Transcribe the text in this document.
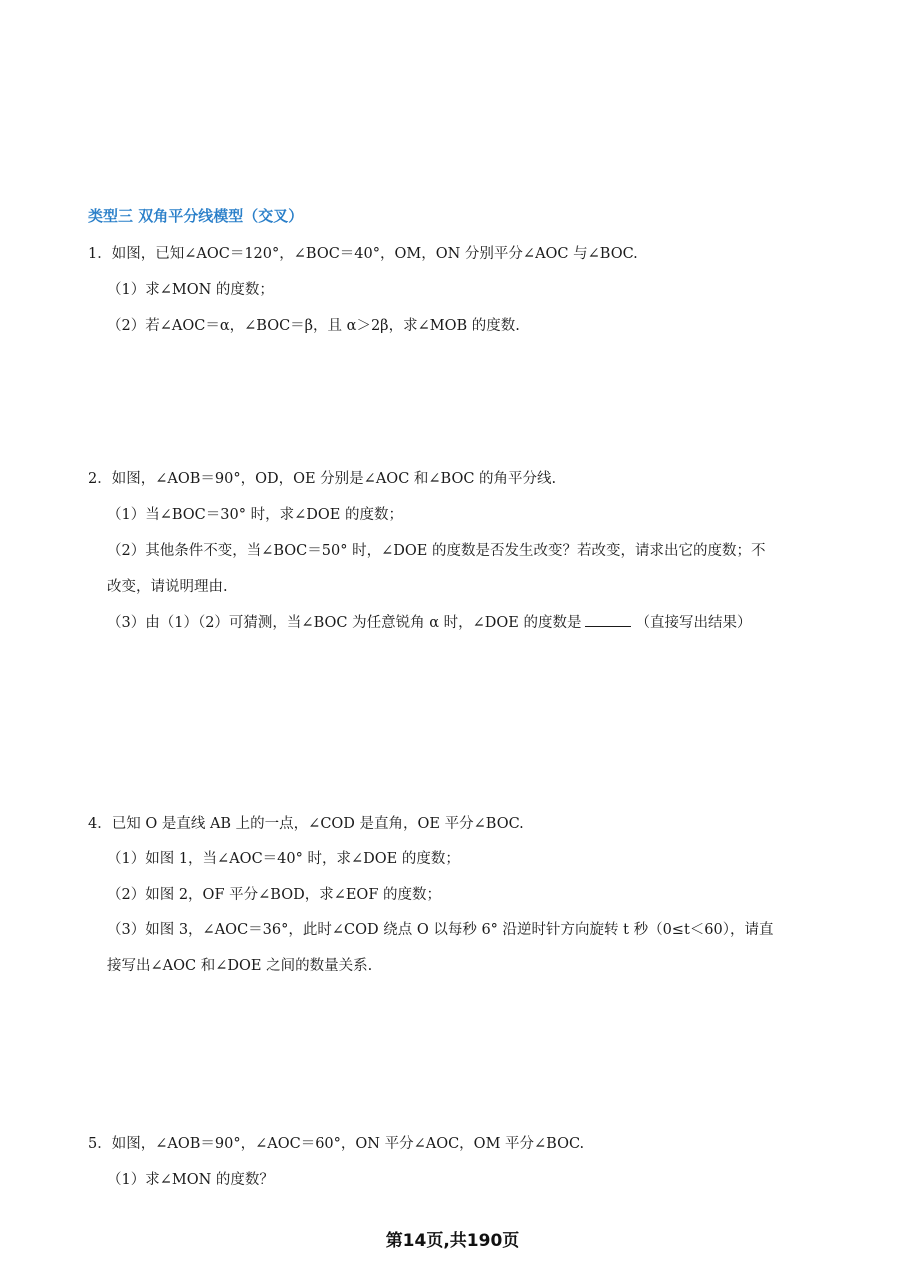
类型三 双角平分线模型（交叉）
1．如图，已知∠AOC＝120°，∠BOC＝40°，OM，ON 分别平分∠AOC 与∠BOC.
（1）求∠MON 的度数；
（2）若∠AOC＝α，∠BOC＝β，且 α＞2β，求∠MOB 的度数.
2．如图，∠AOB＝90°，OD，OE 分别是∠AOC 和∠BOC 的角平分线.
（1）当∠BOC＝30° 时，求∠DOE 的度数；
（2）其他条件不变，当∠BOC＝50° 时，∠DOE 的度数是否发生改变？若改变，请求出它的度数；不
改变，请说明理由.
（3）由（1）（2）可猜测，当∠BOC 为任意锐角 α 时，∠DOE 的度数是	（直接写出结果）
4．已知 O 是直线 AB 上的一点，∠COD 是直角，OE 平分∠BOC.
（1）如图 1，当∠AOC＝40° 时，求∠DOE 的度数；
（2）如图 2，OF 平分∠BOD，求∠EOF 的度数；
（3）如图 3，∠AOC＝36°，此时∠COD 绕点 O 以每秒 6° 沿逆时针方向旋转 t 秒（0≤t＜60），请直
接写出∠AOC 和∠DOE 之间的数量关系.
5．如图，∠AOB＝90°，∠AOC＝60°，ON 平分∠AOC，OM 平分∠BOC.
（1）求∠MON 的度数？
第14页,共190页
